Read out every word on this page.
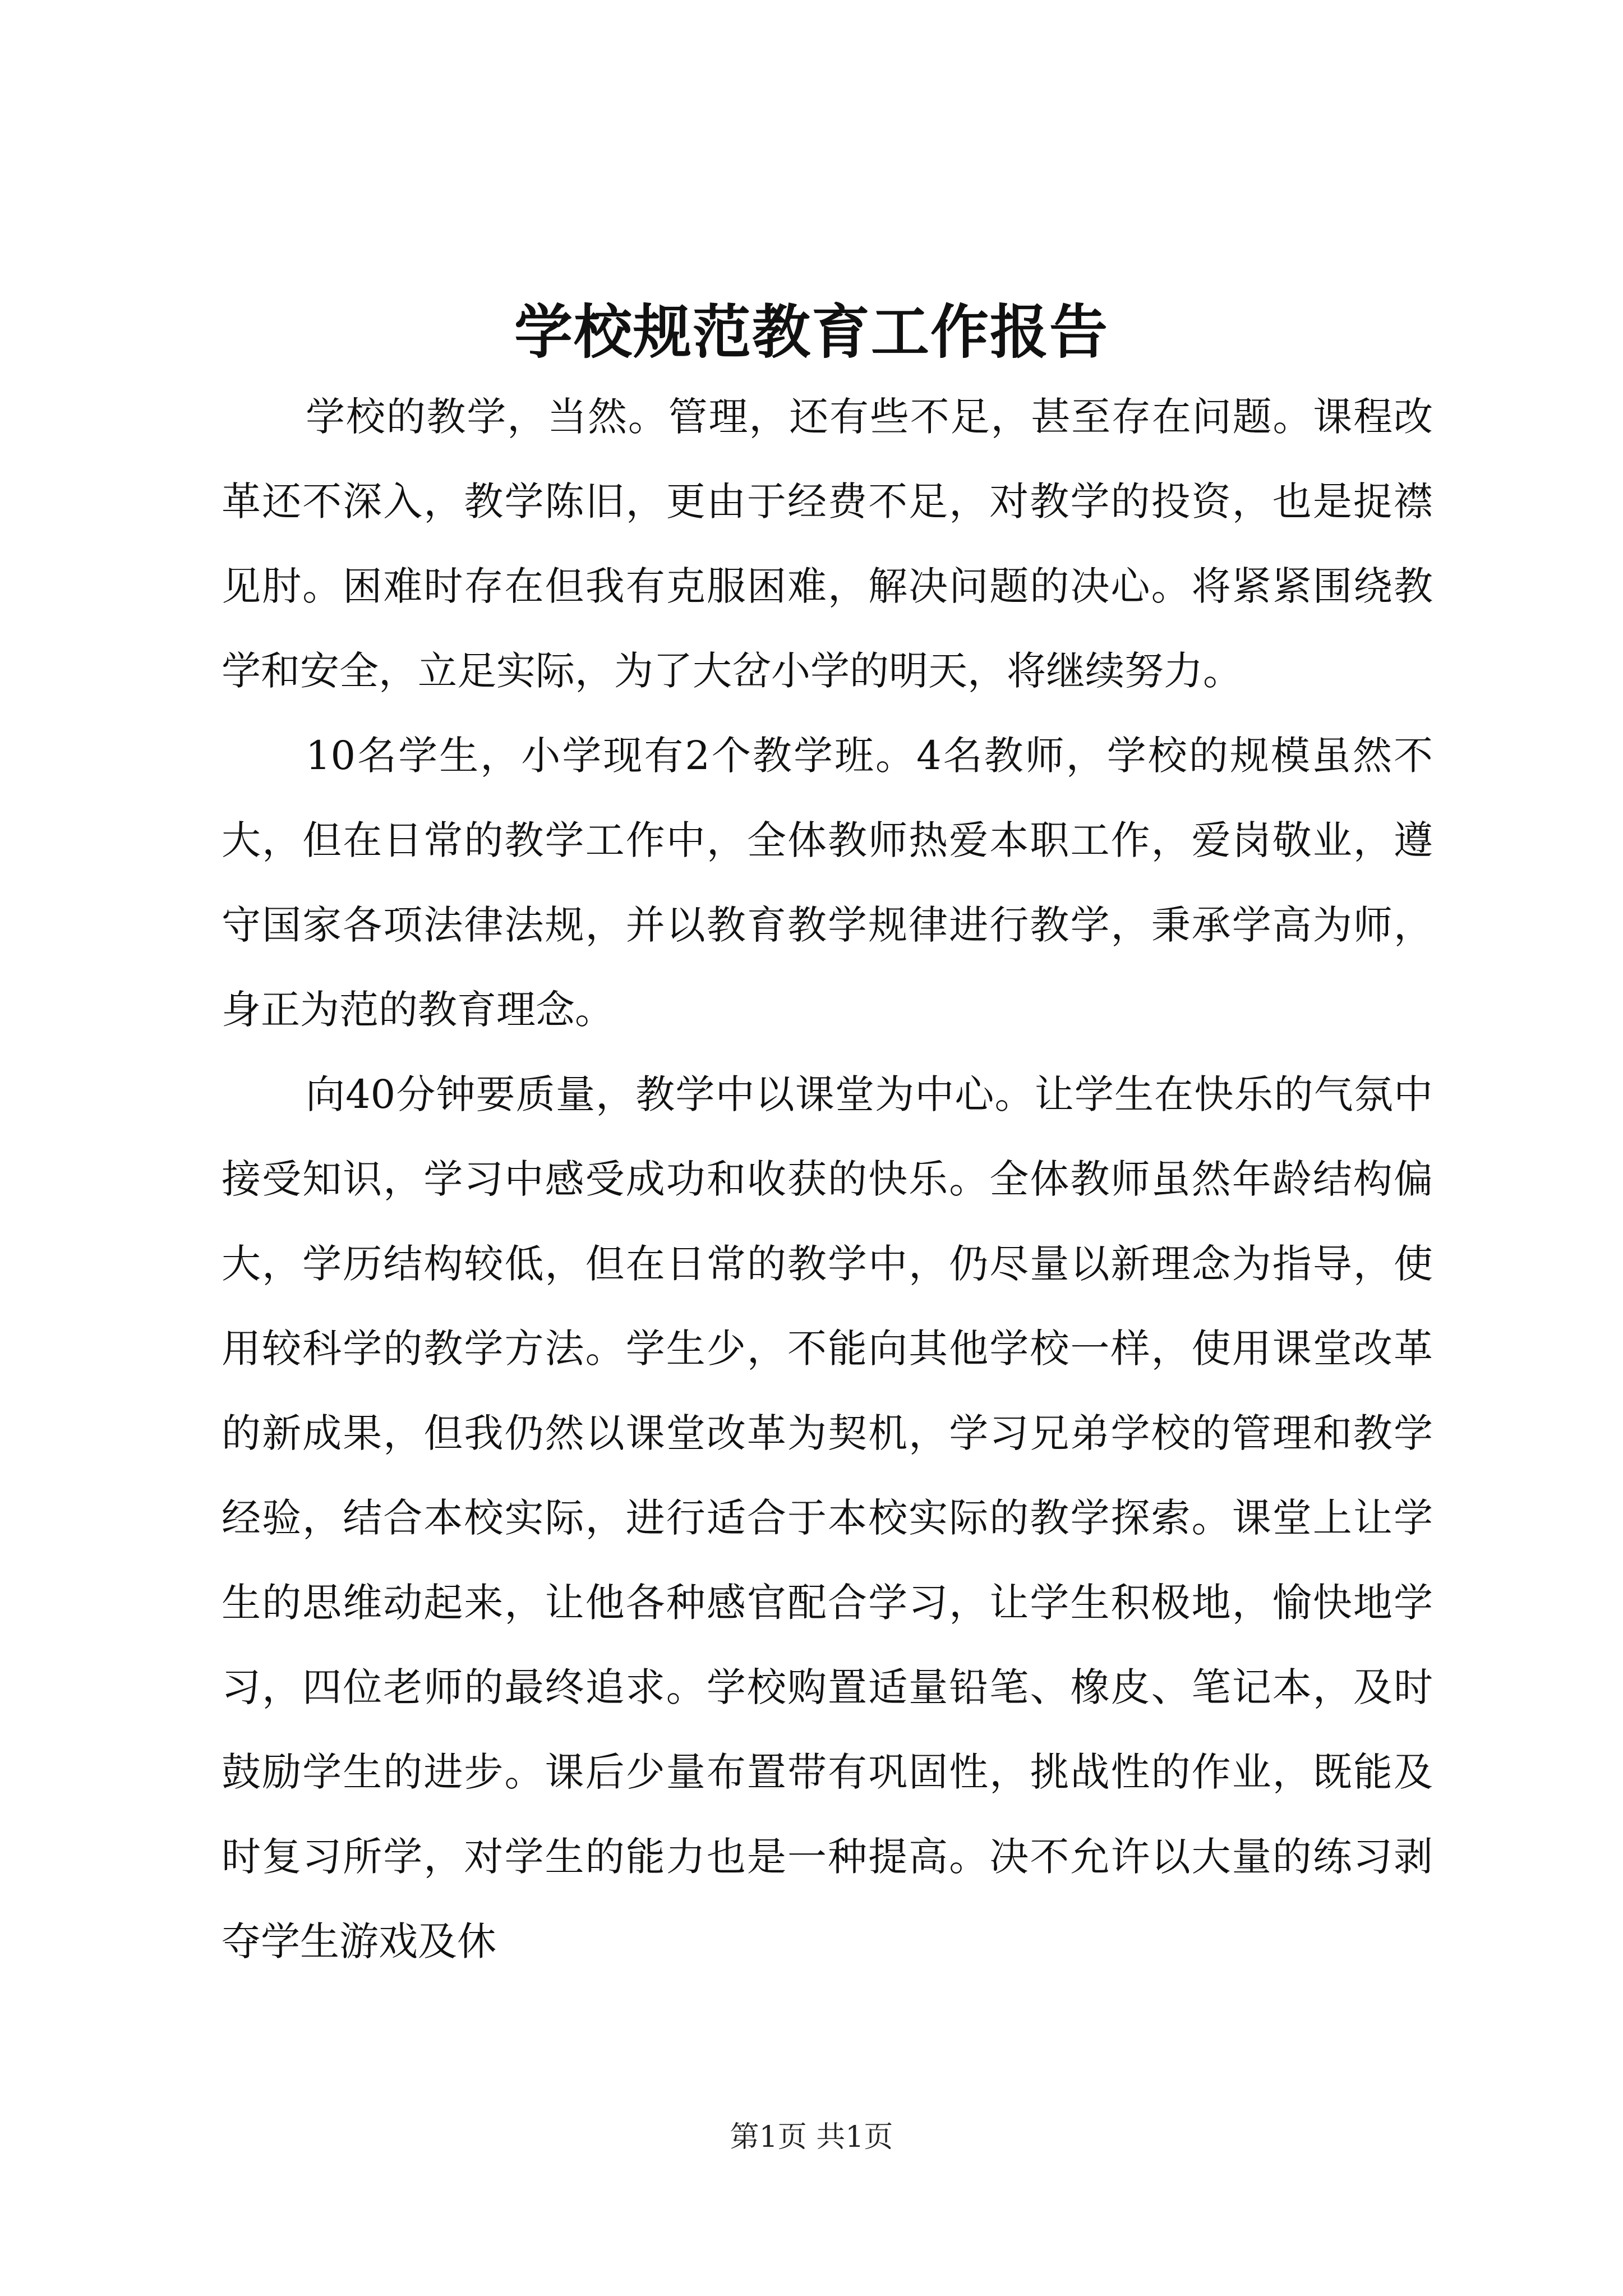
学校规范教育工作报告

学校的教学，当然。管理，还有些不足，甚至存在问题。课程改革还不深入，教学陈旧，更由于经费不足，对教学的投资，也是捉襟见肘。困难时存在但我有克服困难，解决问题的决心。将紧紧围绕教学和安全，立足实际，为了大岔小学的明天，将继续努力。

10名学生，小学现有2个教学班。4名教师，学校的规模虽然不大，但在日常的教学工作中，全体教师热爱本职工作，爱岗敬业，遵守国家各项法律法规，并以教育教学规律进行教学，秉承学高为师，身正为范的教育理念。

向40分钟要质量，教学中以课堂为中心。让学生在快乐的气氛中接受知识，学习中感受成功和收获的快乐。全体教师虽然年龄结构偏大，学历结构较低，但在日常的教学中，仍尽量以新理念为指导，使用较科学的教学方法。学生少，不能向其他学校一样，使用课堂改革的新成果，但我仍然以课堂改革为契机，学习兄弟学校的管理和教学经验，结合本校实际，进行适合于本校实际的教学探索。课堂上让学生的思维动起来，让他各种感官配合学习，让学生积极地，愉快地学习，四位老师的最终追求。学校购置适量铅笔、橡皮、笔记本，及时鼓励学生的进步。课后少量布置带有巩固性，挑战性的作业，既能及时复习所学，对学生的能力也是一种提高。决不允许以大量的练习剥夺学生游戏及休

第1页 共1页
